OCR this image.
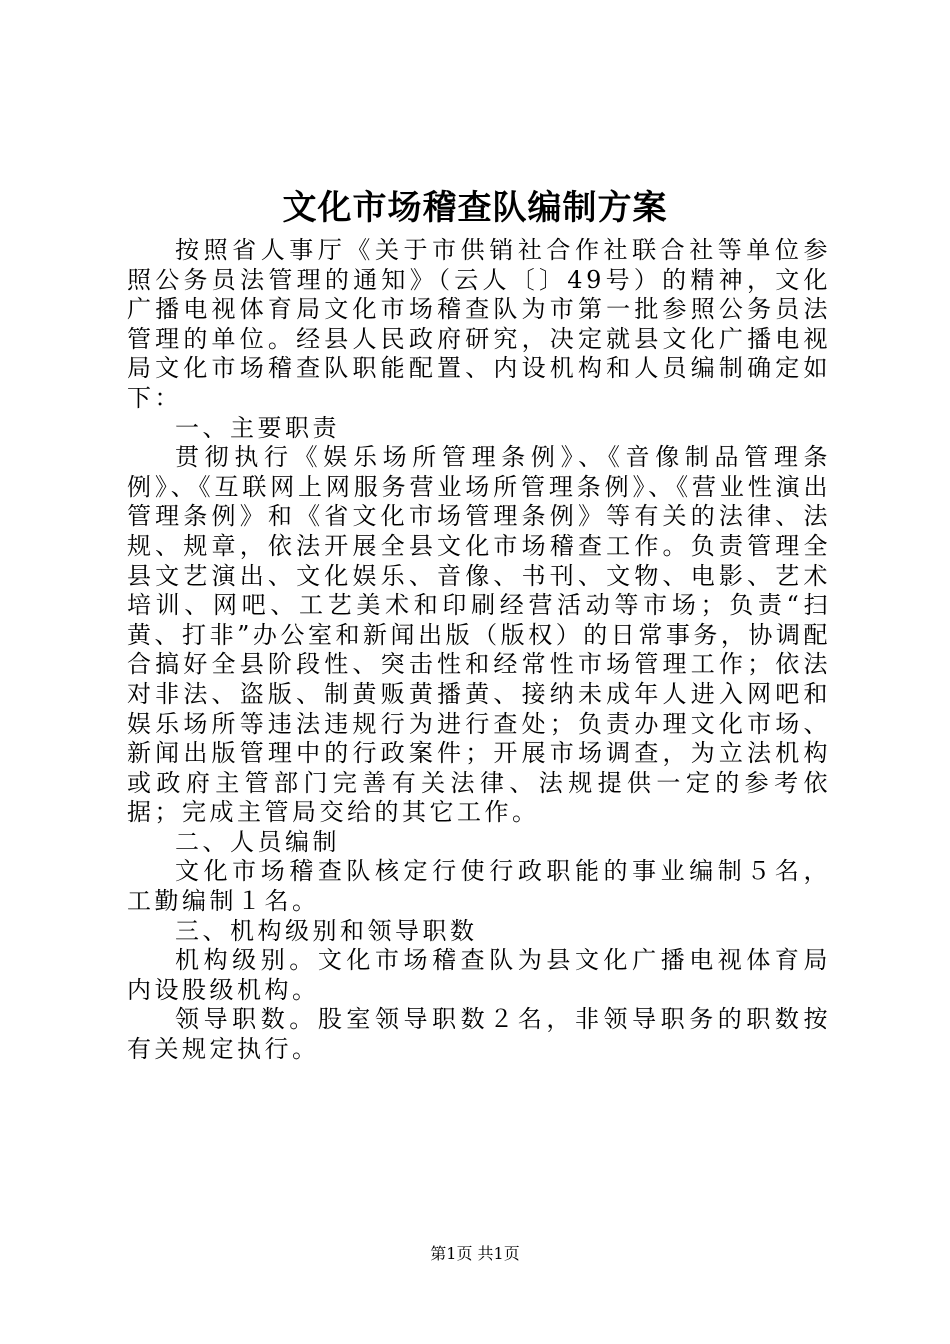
文化市场稽查队编制方案

按照省人事厅《关于市供销社合作社联合社等单位参照公务员法管理的通知》（云人〔〕49号）的精神，文化广播电视体育局文化市场稽查队为市第一批参照公务员法管理的单位。经县人民政府研究，决定就县文化广播电视局文化市场稽查队职能配置、内设机构和人员编制确定如下：

一、主要职责

贯彻执行《娱乐场所管理条例》、《音像制品管理条例》、《互联网上网服务营业场所管理条例》、《营业性演出管理条例》和《省文化市场管理条例》等有关的法律、法规、规章，依法开展全县文化市场稽查工作。负责管理全县文艺演出、文化娱乐、音像、书刊、文物、电影、艺术培训、网吧、工艺美术和印刷经营活动等市场；负责“扫黄、打非”办公室和新闻出版（版权）的日常事务，协调配合搞好全县阶段性、突击性和经常性市场管理工作；依法对非法、盗版、制黄贩黄播黄、接纳未成年人进入网吧和娱乐场所等违法违规行为进行查处；负责办理文化市场、新闻出版管理中的行政案件；开展市场调查，为立法机构或政府主管部门完善有关法律、法规提供一定的参考依据；完成主管局交给的其它工作。

二、人员编制

文化市场稽查队核定行使行政职能的事业编制５名，工勤编制１名。

三、机构级别和领导职数

机构级别。文化市场稽查队为县文化广播电视体育局内设股级机构。

领导职数。股室领导职数２名，非领导职务的职数按有关规定执行。

第1页 共1页
